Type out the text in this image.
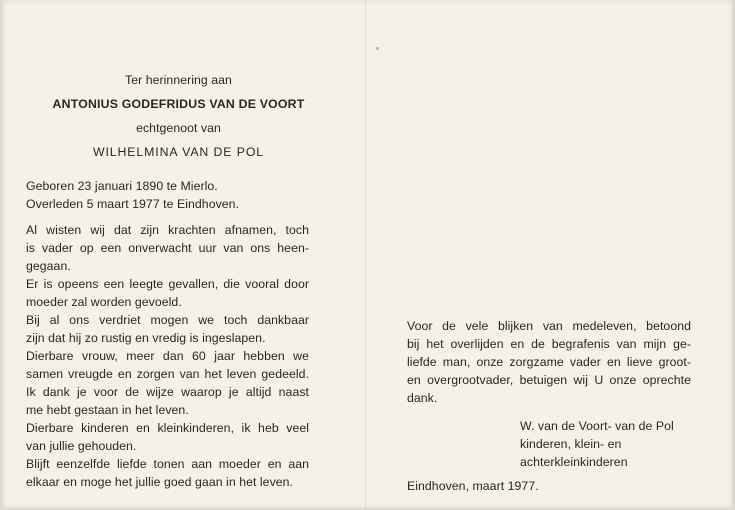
Ter herinnering aan
ANTONIUS GODEFRIDUS VAN DE VOORT
echtgenoot van
WILHELMINA VAN DE POL
Geboren 23 januari 1890 te Mierlo.
Overleden 5 maart 1977 te Eindhoven.
Al wisten wij dat zijn krachten afnamen, toch
is vader op een onverwacht uur van ons heen-
gegaan.
Er is opeens een leegte gevallen, die vooral door
moeder zal worden gevoeld.
Bij al ons verdriet mogen we toch dankbaar
zijn dat hij zo rustig en vredig is ingeslapen.
Dierbare vrouw, meer dan 60 jaar hebben we
samen vreugde en zorgen van het leven gedeeld.
Ik dank je voor de wijze waarop je altijd naast
me hebt gestaan in het leven.
Dierbare kinderen en kleinkinderen, ik heb veel
van jullie gehouden.
Blijft eenzelfde liefde tonen aan moeder en aan
elkaar en moge het jullie goed gaan in het leven.
Voor de vele blijken van medeleven, betoond
bij het overlijden en de begrafenis van mijn ge-
liefde man, onze zorgzame vader en lieve groot-
en overgrootvader, betuigen wij U onze oprechte
dank.
W. van de Voort- van de Pol
kinderen, klein- en
achterkleinkinderen
Eindhoven, maart 1977.
